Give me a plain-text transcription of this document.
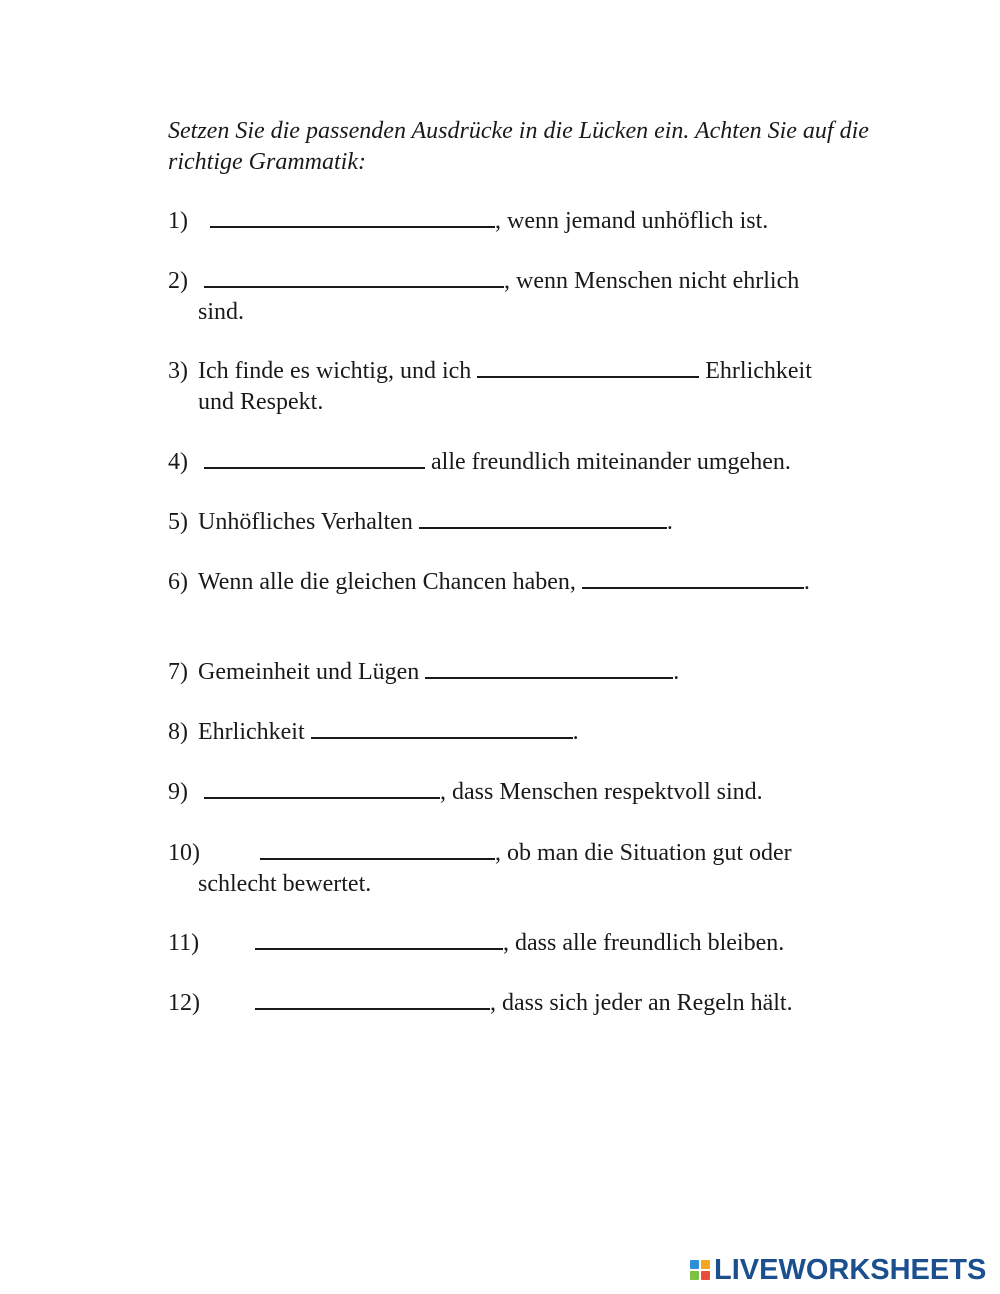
Setzen Sie die passenden Ausdrücke in die Lücken ein. Achten Sie auf die richtige Grammatik:
1)	, wenn jemand unhöflich ist.
2)	, wenn Menschen nicht ehrlich
sind.
3) Ich finde es wichtig, und ich	Ehrlichkeit
und Respekt.
4)	alle freundlich miteinander umgehen.
5) Unhöfliches Verhalten	.
6) Wenn alle die gleichen Chancen haben,	.
7) Gemeinheit und Lügen	.
8) Ehrlichkeit	.
9)	, dass Menschen respektvoll sind.
10)	, ob man die Situation gut oder
schlecht bewertet.
11)	, dass alle freundlich bleiben.
12)	, dass sich jeder an Regeln hält.
LIVEWORKSHEETS
